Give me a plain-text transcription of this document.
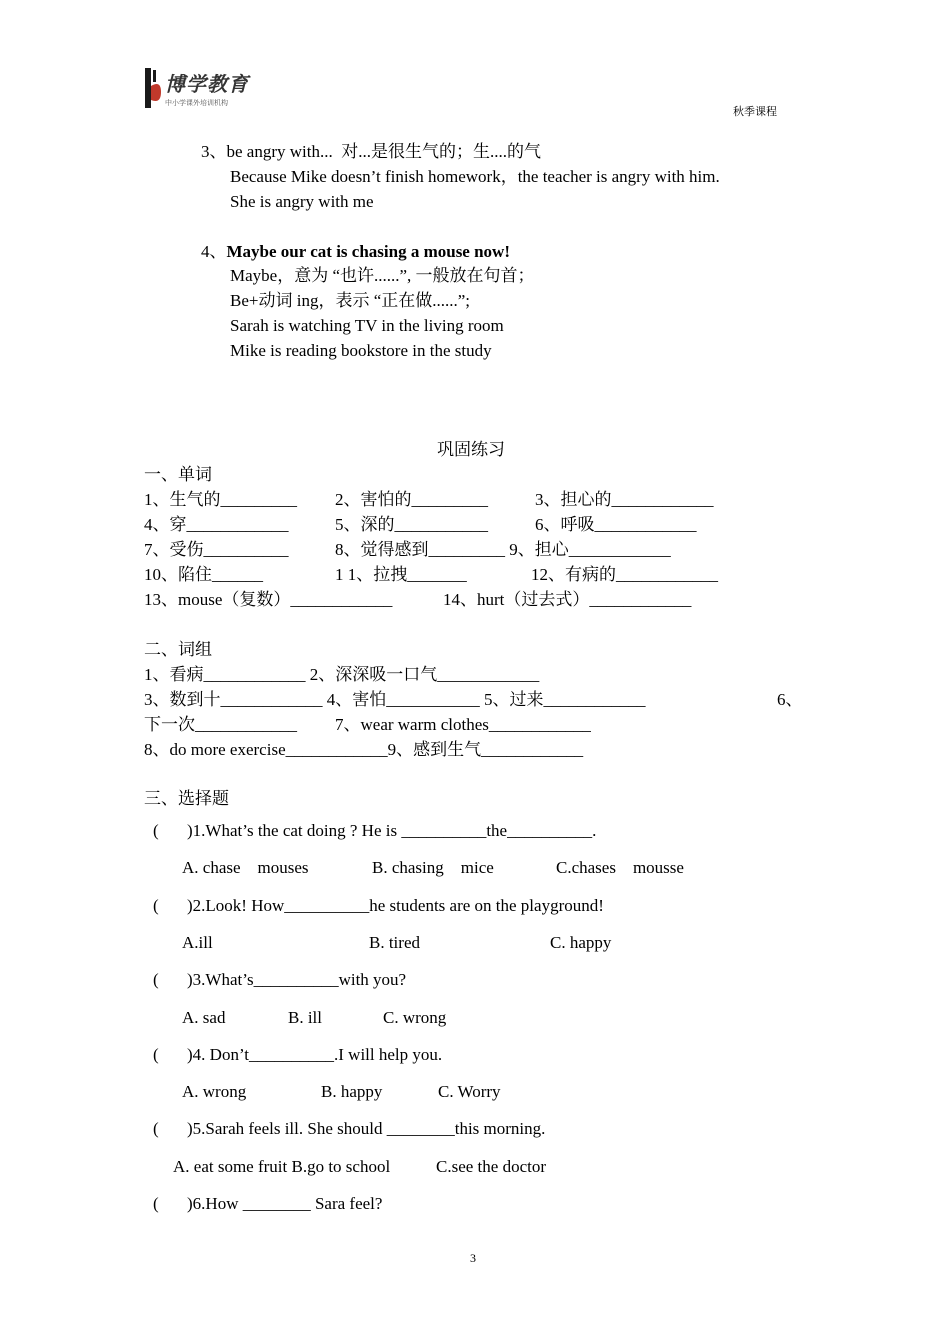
博学教育
中小学课外培训机构
秋季课程
3、be angry with...  对...是很生气的；生....的气
Because Mike doesn’t finish homework，the teacher is angry with him.
She is angry with me
4、Maybe our cat is chasing a mouse now!
Maybe，意为 “也许......”, 一般放在句首；
Be+动词 ing，表示 “正在做......”;
Sarah is watching TV in the living room
Mike is reading bookstore in the study
巩固练习
一、单词
1、生气的_________ 2、害怕的_________	3、担心的____________
4、穿____________	5、深的___________	6、呼吸____________
7、受伤__________	8、觉得感到_________ 9、担心____________
10、陷住______	1 1、拉拽_______	12、有病的____________
13、mouse（复数）____________	14、hurt（过去式）____________
二、词组
1、看病____________ 2、深深吸一口气____________
3、数到十____________ 4、害怕___________ 5、过来____________	6、
下一次____________ 7、wear warm clothes____________
8、do more exercise____________9、感到生气____________
三、选择题
( )1.What’s the cat doing ? He is __________the__________.
A. chase    mouses	B. chasing    mice	C.chases    mousse
( )2.Look! How__________he students are on the playground!
A.ill	B. tired	C. happy
( )3.What’s__________with you?
A. sad	B. ill	C. wrong
( )4. Don’t__________.I will help you.
A. wrong	B. happy	C. Worry
( )5.Sarah feels ill. She should ________this morning.
A. eat some fruit B.go to school	C.see the doctor
( )6.How ________ Sara feel?
3
